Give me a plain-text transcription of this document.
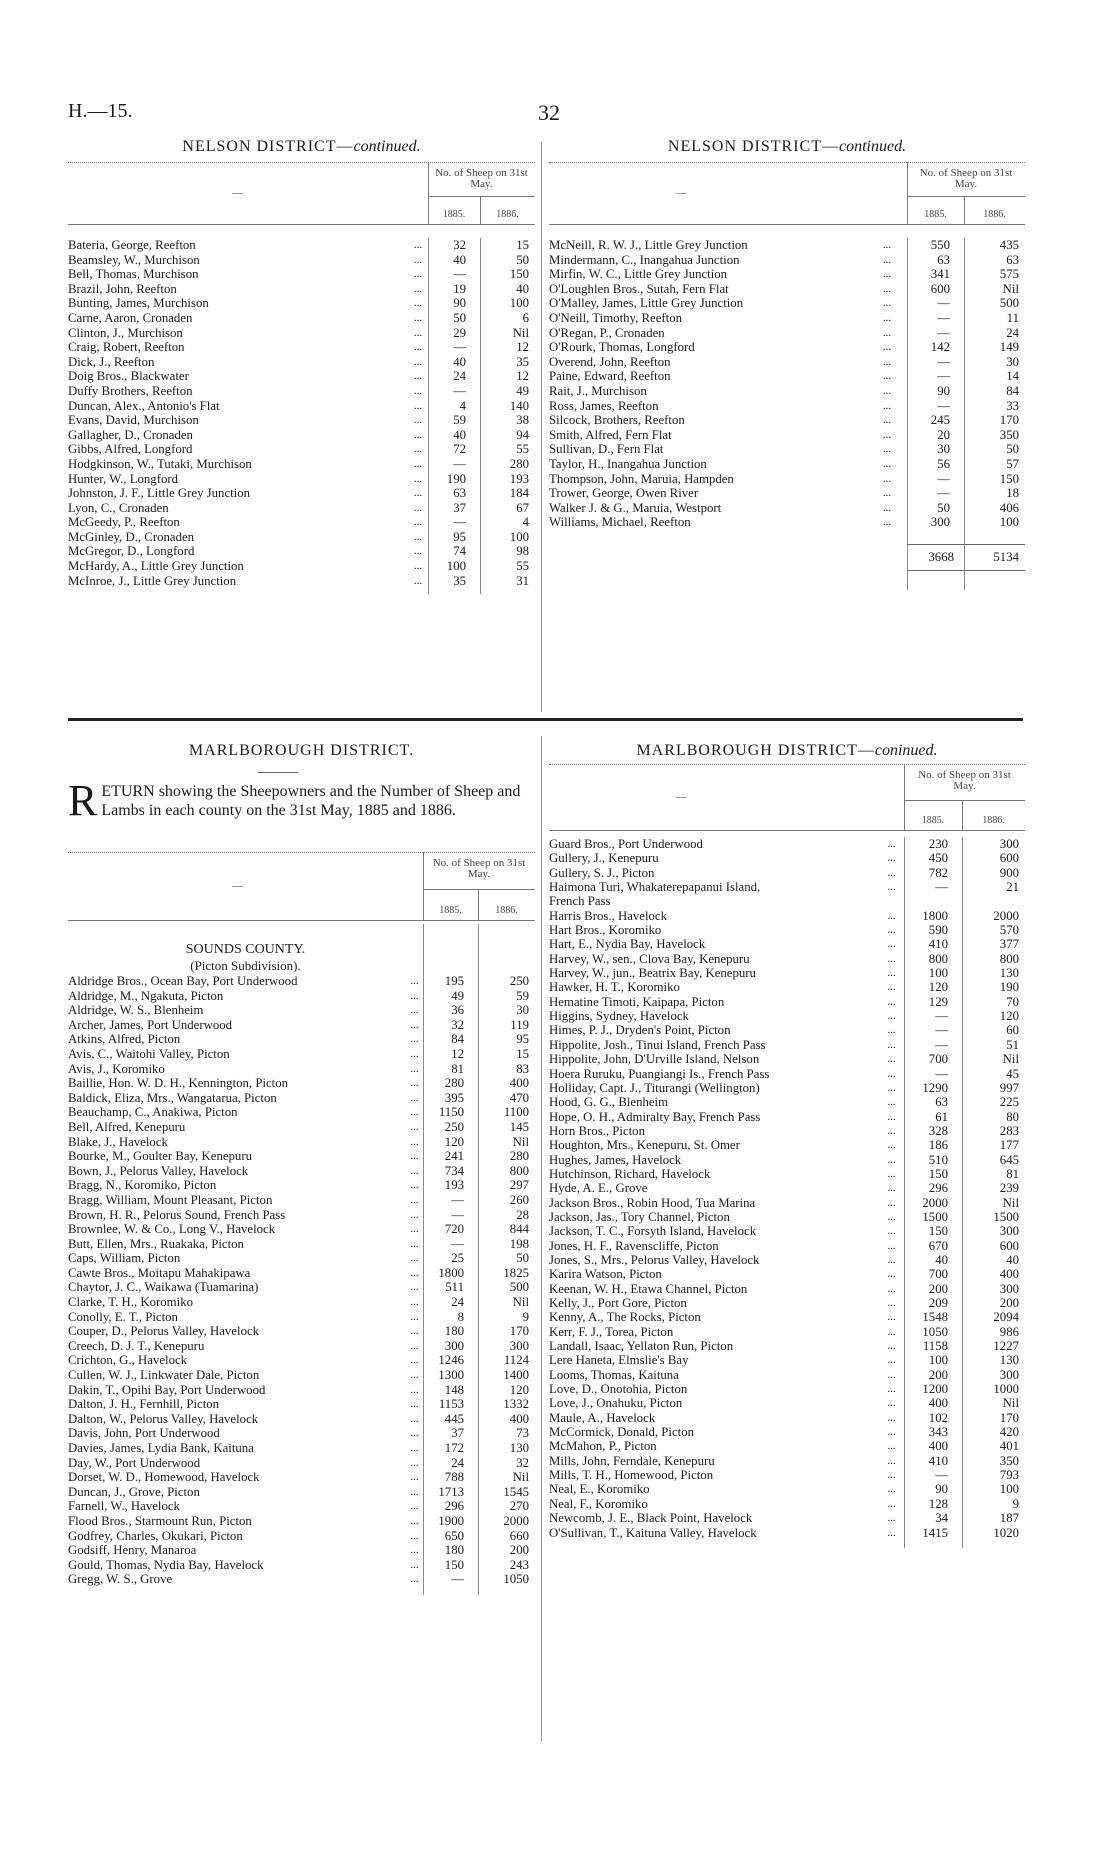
H.—15.	32
NELSON DISTRICT—continued.
—
No. of Sheep on 31st May.
1885.	1886.
Bateria, George, Reefton	...	32	15
Beamsley, W., Murchison	...	40	50
Bell, Thomas, Murchison	...	—	150
Brazil, John, Reefton	...	19	40
Bunting, James, Murchison	...	90	100
Carne, Aaron, Cronaden	...	50	6
Clinton, J., Murchison	...	29	Nil
Craig, Robert, Reefton	...	—	12
Dick, J., Reefton	...	40	35
Doig Bros., Blackwater	...	24	12
Duffy Brothers, Reefton	...	—	49
Duncan, Alex., Antonio's Flat	...	4	140
Evans, David, Murchison	...	59	38
Gallagher, D., Cronaden	...	40	94
Gibbs, Alfred, Longford	...	72	55
Hodgkinson, W., Tutaki, Murchison	...	—	280
Hunter, W., Longford	...	190	193
Johnston, J. F., Little Grey Junction	...	63	184
Lyon, C., Cronaden	...	37	67
McGeedy, P., Reefton	...	—	4
McGinley, D., Cronaden	...	95	100
McGregor, D., Longford	...	74	98
McHardy, A., Little Grey Junction	...	100	55
McInroe, J., Little Grey Junction	...	35	31
NELSON DISTRICT—continued.
—
No. of Sheep on 31st May.
1885.	1886.
McNeill, R. W. J., Little Grey Junction	...	550	435
Mindermann, C., Inangahua Junction	...	63	63
Mirfin, W. C., Little Grey Junction	...	341	575
O'Loughlen Bros., Sutah, Fern Flat	...	600	Nil
O'Malley, James, Little Grey Junction	...	—	500
O'Neill, Timothy, Reefton	...	—	11
O'Regan, P., Cronaden	...	—	24
O'Rourk, Thomas, Longford	...	142	149
Overend, John, Reefton	...	—	30
Paine, Edward, Reefton	...	—	14
Rait, J., Murchison	...	90	84
Ross, James, Reefton	...	—	33
Silcock, Brothers, Reefton	...	245	170
Smith, Alfred, Fern Flat	...	20	350
Sullivan, D., Fern Flat	...	30	50
Taylor, H., Inangahua Junction	...	56	57
Thompson, John, Maruia, Hampden	...	—	150
Trower, George, Owen River	...	—	18
Walker J. & G., Maruia, Westport	...	50	406
Williams, Michael, Reefton	...	300	100
3668	5134
MARLBOROUGH DISTRICT.
RETURN showing the Sheepowners and the Number of Sheep and Lambs in each county on the 31st May, 1885 and 1886.
—
No. of Sheep on 31st May.
1885.	1886.
SOUNDS COUNTY.
(Picton Subdivision).
Aldridge Bros., Ocean Bay, Port Underwood	...	195	250
Aldridge, M., Ngakuta, Picton	...	49	59
Aldridge, W. S., Blenheim	...	36	30
Archer, James, Port Underwood	...	32	119
Atkins, Alfred, Picton	...	84	95
Avis, C., Waitohi Valley, Picton	...	12	15
Avis, J., Koromiko	...	81	83
Baillie, Hon. W. D. H., Kennington, Picton	...	280	400
Baldick, Eliza, Mrs., Wangatarua, Picton	...	395	470
Beauchamp, C., Anakiwa, Picton	...	1150	1100
Bell, Alfred, Kenepuru	...	250	145
Blake, J., Havelock	...	120	Nil
Bourke, M., Goulter Bay, Kenepuru	...	241	280
Bown, J., Pelorus Valley, Havelock	...	734	800
Bragg, N., Koromiko, Picton	...	193	297
Bragg, William, Mount Pleasant, Picton	...	—	260
Brown, H. R., Pelorus Sound, French Pass	...	—	28
Brownlee, W. & Co., Long V., Havelock	...	720	844
Butt, Ellen, Mrs., Ruakaka, Picton	...	—	198
Caps, William, Picton	...	25	50
Cawte Bros., Moitapu Mahakipawa	...	1800	1825
Chaytor, J. C., Waikawa (Tuamarina)	...	511	500
Clarke, T. H., Koromiko	...	24	Nil
Conolly, E. T., Picton	...	8	9
Couper, D., Pelorus Valley, Havelock	...	180	170
Creech, D. J. T., Kenepuru	...	300	300
Crichton, G., Havelock	...	1246	1124
Cullen, W. J., Linkwater Dale, Picton	...	1300	1400
Dakin, T., Opihi Bay, Port Underwood	...	148	120
Dalton, J. H., Fernhill, Picton	...	1153	1332
Dalton, W., Pelorus Valley, Havelock	...	445	400
Davis, John, Port Underwood	...	37	73
Davies, James, Lydia Bank, Kaituna	...	172	130
Day, W., Port Underwood	...	24	32
Dorset, W. D., Homewood, Havelock	...	788	Nil
Duncan, J., Grove, Picton	...	1713	1545
Farnell, W., Havelock	...	296	270
Flood Bros., Starmount Run, Picton	...	1900	2000
Godfrey, Charles, Okukari, Picton	...	650	660
Godsiff, Henry, Manaroa	...	180	200
Gould, Thomas, Nydia Bay, Havelock	...	150	243
Gregg, W. S., Grove	...	—	1050
MARLBOROUGH DISTRICT—coninued.
—
No. of Sheep on 31st May.
1885.	1886.
Guard Bros., Port Underwood	...	230	300
Gullery, J., Kenepuru	...	450	600
Gullery, S. J., Picton	...	782	900
Haimona Turi, Whakaterepapanui Island,	...	—	21
French Pass
Harris Bros., Havelock	...	1800	2000
Hart Bros., Koromiko	...	590	570
Hart, E., Nydia Bay, Havelock	...	410	377
Harvey, W., sen., Clova Bay, Kenepuru	...	800	800
Harvey, W., jun., Beatrix Bay, Kenepuru	...	100	130
Hawker, H. T., Koromiko	...	120	190
Hematine Timoti, Kaipapa, Picton	...	129	70
Higgins, Sydney, Havelock	...	—	120
Himes, P. J., Dryden's Point, Picton	...	—	60
Hippolite, Josh., Tinui Island, French Pass	...	—	51
Hippolite, John, D'Urville Island, Nelson	...	700	Nil
Hoera Ruruku, Puangiangi Is., French Pass	...	—	45
Holliday, Capt. J., Titurangi (Wellington)	...	1290	997
Hood, G. G., Blenheim	...	63	225
Hope, O. H., Admiralty Bay, French Pass	...	61	80
Horn Bros., Picton	...	328	283
Houghton, Mrs., Kenepuru, St. Omer	...	186	177
Hughes, James, Havelock	...	510	645
Hutchinson, Richard, Havelock	...	150	81
Hyde, A. E., Grove	...	296	239
Jackson Bros., Robin Hood, Tua Marina	...	2000	Nil
Jackson, Jas., Tory Channel, Picton	...	1500	1500
Jackson, T. C., Forsyth Island, Havelock	...	150	300
Jones, H. F., Ravenscliffe, Picton	...	670	600
Jones, S., Mrs., Pelorus Valley, Havelock	...	40	40
Karira Watson, Picton	...	700	400
Keenan, W. H., Etawa Channel, Picton	...	200	300
Kelly, J., Port Gore, Picton	...	209	200
Kenny, A., The Rocks, Picton	...	1548	2094
Kerr, F. J., Torea, Picton	...	1050	986
Landall, Isaac, Yellaton Run, Picton	...	1158	1227
Lere Haneta, Elmslie's Bay	...	100	130
Looms, Thomas, Kaituna	...	200	300
Love, D., Onotohia, Picton	...	1200	1000
Love, J., Onahuku, Picton	...	400	Nil
Maule, A., Havelock	...	102	170
McCormick, Donald, Picton	...	343	420
McMahon, P., Picton	...	400	401
Mills, John, Ferndale, Kenepuru	...	410	350
Mills, T. H., Homewood, Picton	...	—	793
Neal, E., Koromiko	...	90	100
Neal, F., Koromiko	...	128	9
Newcomb, J. E., Black Point, Havelock	...	34	187
O'Sullivan, T., Kaituna Valley, Havelock	...	1415	1020
